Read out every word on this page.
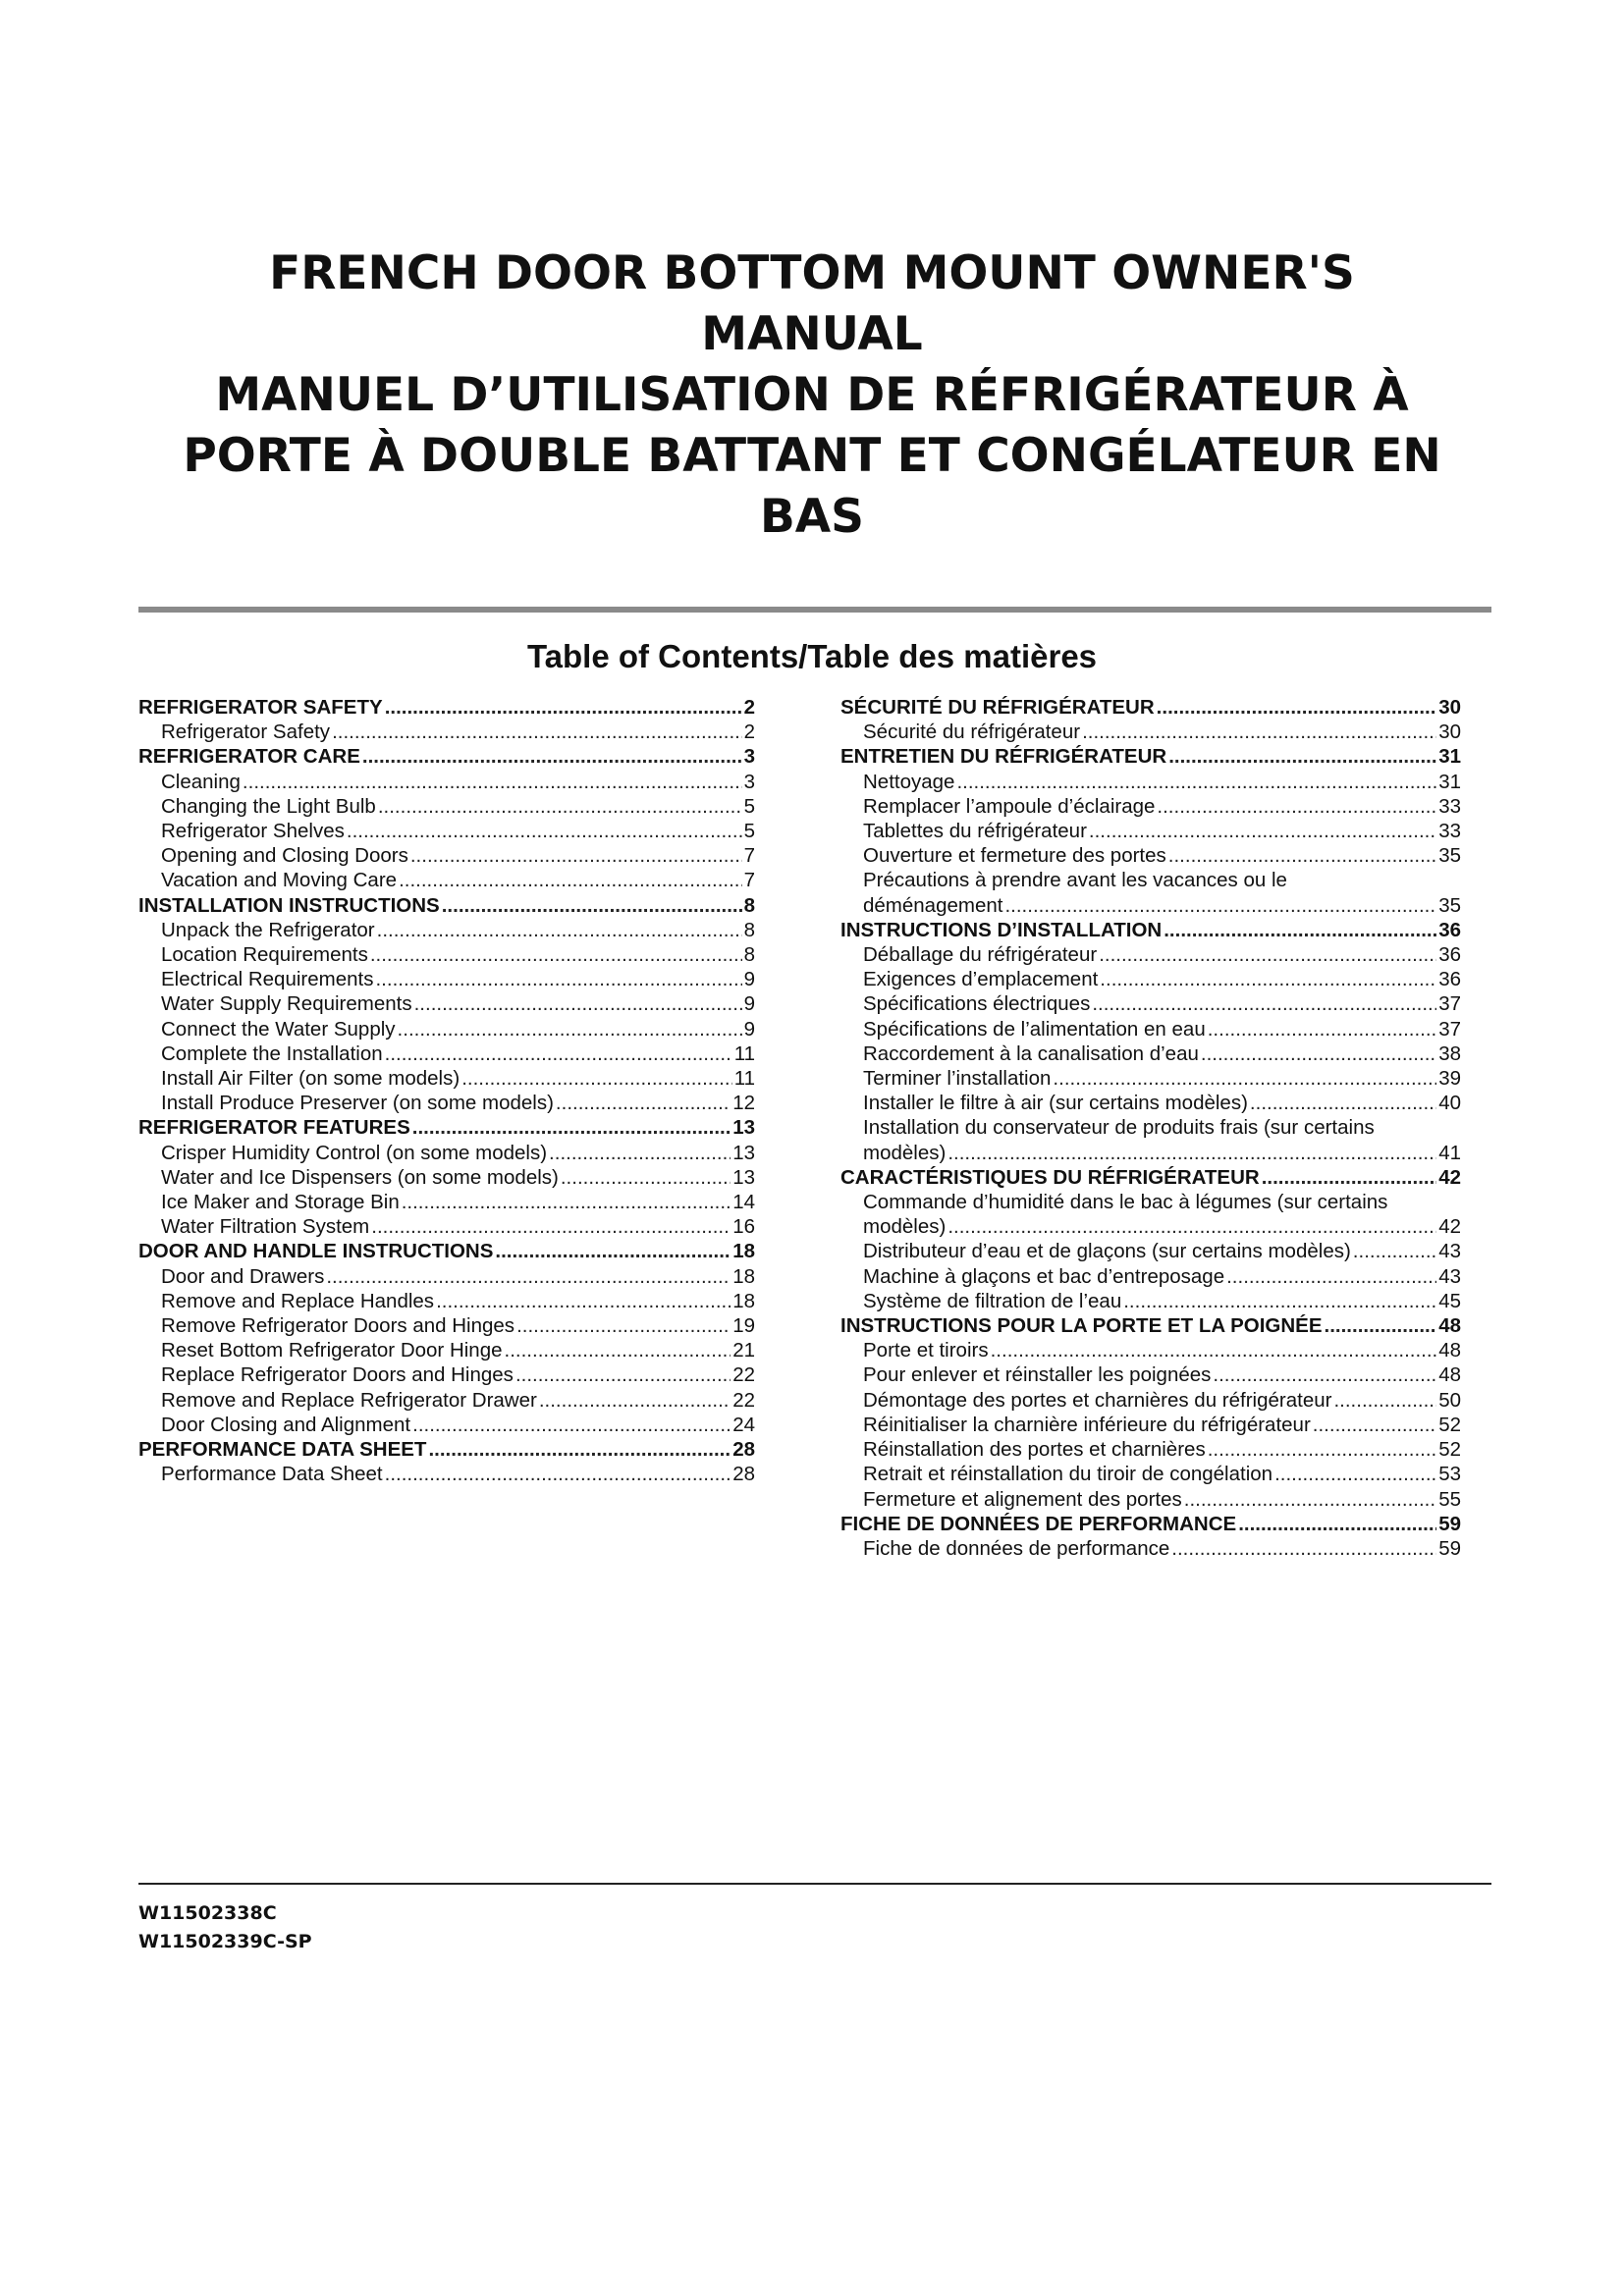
FRENCH DOOR BOTTOM MOUNT OWNER'S
MANUAL
MANUEL D’UTILISATION DE RÉFRIGÉRATEUR À
PORTE À DOUBLE BATTANT ET CONGÉLATEUR EN
BAS
Table of Contents/Table des matières
REFRIGERATOR SAFETY .....	2
Refrigerator Safety .....	2
REFRIGERATOR CARE .....	3
Cleaning .....	3
Changing the Light Bulb .....	5
Refrigerator Shelves .....	5
Opening and Closing Doors .....	7
Vacation and Moving Care .....	7
INSTALLATION INSTRUCTIONS .....	8
Unpack the Refrigerator .....	8
Location Requirements .....	8
Electrical Requirements .....	9
Water Supply Requirements .....	9
Connect the Water Supply .....	9
Complete the Installation .....	11
Install Air Filter (on some models) .....	11
Install Produce Preserver (on some models) .....	12
REFRIGERATOR FEATURES .....	13
Crisper Humidity Control (on some models) .....	13
Water and Ice Dispensers (on some models) .....	13
Ice Maker and Storage Bin .....	14
Water Filtration System .....	16
DOOR AND HANDLE INSTRUCTIONS .....	18
Door and Drawers .....	18
Remove and Replace Handles .....	18
Remove Refrigerator Doors and Hinges .....	19
Reset Bottom Refrigerator Door Hinge .....	21
Replace Refrigerator Doors and Hinges .....	22
Remove and Replace Refrigerator Drawer .....	22
Door Closing and Alignment .....	24
PERFORMANCE DATA SHEET .....	28
Performance Data Sheet .....	28
SÉCURITÉ DU RÉFRIGÉRATEUR .....	30
Sécurité du réfrigérateur .....	30
ENTRETIEN DU RÉFRIGÉRATEUR .....	31
Nettoyage .....	31
Remplacer l’ampoule d’éclairage .....	33
Tablettes du réfrigérateur .....	33
Ouverture et fermeture des portes .....	35
Précautions à prendre avant les vacances ou le
déménagement .....	35
INSTRUCTIONS D’INSTALLATION .....	36
Déballage du réfrigérateur .....	36
Exigences d’emplacement .....	36
Spécifications électriques .....	37
Spécifications de l’alimentation en eau .....	37
Raccordement à la canalisation d’eau .....	38
Terminer l’installation .....	39
Installer le filtre à air (sur certains modèles) .....	40
Installation du conservateur de produits frais (sur certains
modèles) .....	41
CARACTÉRISTIQUES DU RÉFRIGÉRATEUR .....	42
Commande d’humidité dans le bac à légumes (sur certains
modèles) .....	42
Distributeur d’eau et de glaçons (sur certains modèles) .....	43
Machine à glaçons et bac d’entreposage .....	43
Système de filtration de l’eau .....	45
INSTRUCTIONS POUR LA PORTE ET LA POIGNÉE .....	48
Porte et tiroirs .....	48
Pour enlever et réinstaller les poignées .....	48
Démontage des portes et charnières du réfrigérateur .....	50
Réinitialiser la charnière inférieure du réfrigérateur .....	52
Réinstallation des portes et charnières .....	52
Retrait et réinstallation du tiroir de congélation .....	53
Fermeture et alignement des portes .....	55
FICHE DE DONNÉES DE PERFORMANCE .....	59
Fiche de données de performance .....	59
W11502338C
W11502339C-SP
